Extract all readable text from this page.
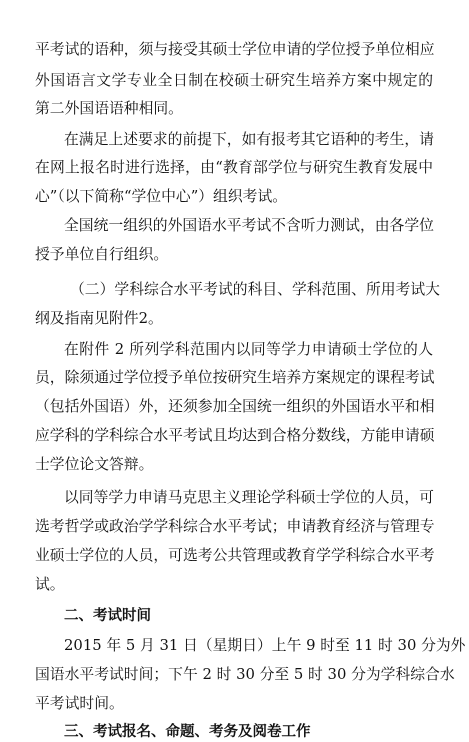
平考试的语种，须与接受其硕士学位申请的学位授予单位相应
外国语言文学专业全日制在校硕士研究生培养方案中规定的
第二外国语语种相同。
在满足上述要求的前提下，如有报考其它语种的考生，请
在网上报名时进行选择，由“教育部学位与研究生教育发展中
心”（以下简称“学位中心”）组织考试。
全国统一组织的外国语水平考试不含听力测试，由各学位
授予单位自行组织。
（二）学科综合水平考试的科目、学科范围、所用考试大
纲及指南见附件2。
在附件 2 所列学科范围内以同等学力申请硕士学位的人
员，除须通过学位授予单位按研究生培养方案规定的课程考试
（包括外国语）外，还须参加全国统一组织的外国语水平和相
应学科的学科综合水平考试且均达到合格分数线，方能申请硕
士学位论文答辩。
以同等学力申请马克思主义理论学科硕士学位的人员，可
选考哲学或政治学学科综合水平考试；申请教育经济与管理专
业硕士学位的人员，可选考公共管理或教育学学科综合水平考
试。
二、考试时间
2015 年 5 月 31 日（星期日）上午 9 时至 11 时 30 分为外
国语水平考试时间；下午 2 时 30 分至 5 时 30 分为学科综合水
平考试时间。
三、考试报名、命题、考务及阅卷工作
